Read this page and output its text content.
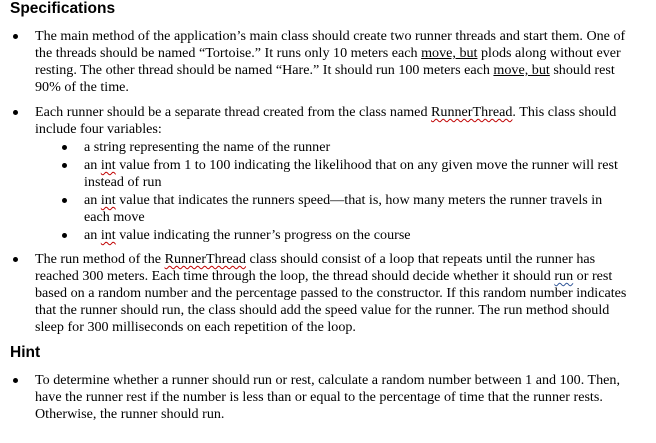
Specifications
The main method of the application’s main class should create two runner threads and start them. One of the threads should be named “Tortoise.” It runs only 10 meters each move, but plods along without ever resting. The other thread should be named “Hare.” It should run 100 meters each move, but should rest 90% of the time.
Each runner should be a separate thread created from the class named RunnerThread. This class should include four variables:
a string representing the name of the runner
an int value from 1 to 100 indicating the likelihood that on any given move the runner will rest instead of run
an int value that indicates the runners speed—that is, how many meters the runner travels in each move
an int value indicating the runner’s progress on the course
The run method of the RunnerThread class should consist of a loop that repeats until the runner has reached 300 meters. Each time through the loop, the thread should decide whether it should run or rest based on a random number and the percentage passed to the constructor. If this random number indicates that the runner should run, the class should add the speed value for the runner. The run method should sleep for 300 milliseconds on each repetition of the loop.
Hint
To determine whether a runner should run or rest, calculate a random number between 1 and 100. Then, have the runner rest if the number is less than or equal to the percentage of time that the runner rests. Otherwise, the runner should run.
